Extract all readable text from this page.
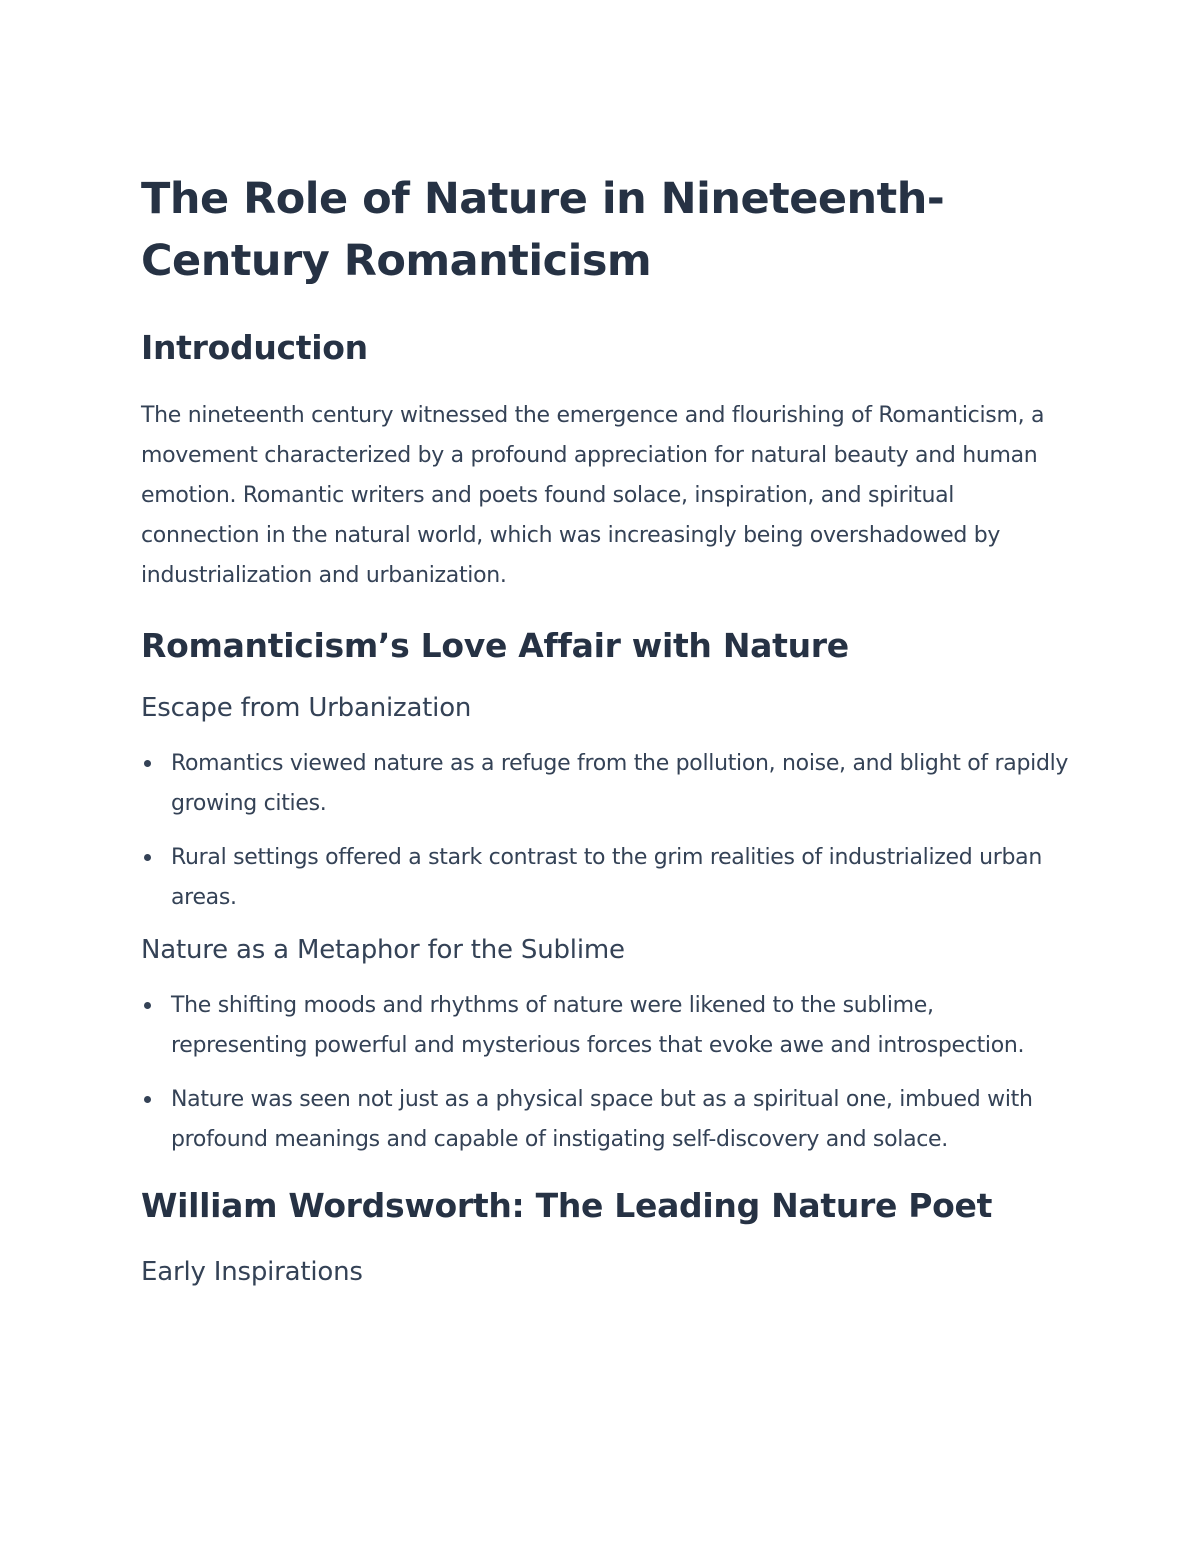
The Role of Nature in Nineteenth-Century Romanticism
Introduction

The nineteenth century witnessed the emergence and flourishing of Romanticism, a movement characterized by a profound appreciation for natural beauty and human emotion. Romantic writers and poets found solace, inspiration, and spiritual connection in the natural world, which was increasingly being overshadowed by industrialization and urbanization.

Romanticism’s Love Affair with Nature
Escape from Urbanization
Romantics viewed nature as a refuge from the pollution, noise, and blight of rapidly growing cities.
Rural settings offered a stark contrast to the grim realities of industrialized urban areas.
Nature as a Metaphor for the Sublime
The shifting moods and rhythms of nature were likened to the sublime, representing powerful and mysterious forces that evoke awe and introspection.
Nature was seen not just as a physical space but as a spiritual one, imbued with profound meanings and capable of instigating self-discovery and solace.
William Wordsworth: The Leading Nature Poet
Early Inspirations
